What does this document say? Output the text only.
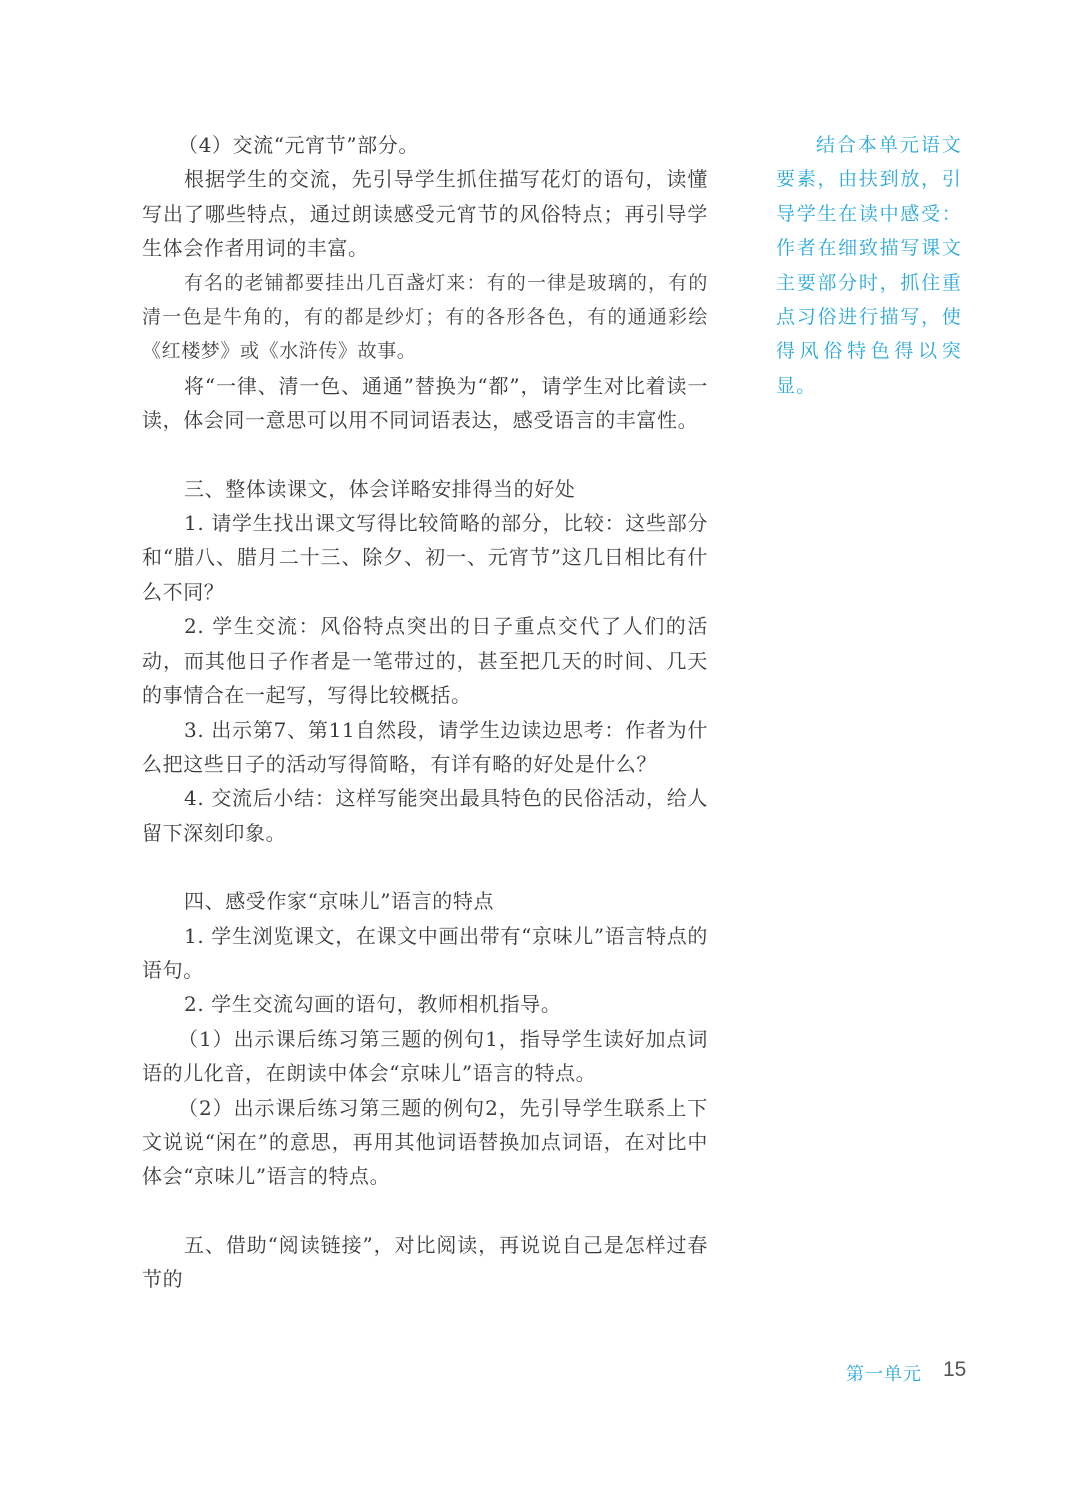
（4）交流“元宵节”部分。

根据学生的交流，先引导学生抓住描写花灯的语句，读懂写出了哪些特点，通过朗读感受元宵节的风俗特点；再引导学生体会作者用词的丰富。

有名的老铺都要挂出几百盏灯来：有的一律是玻璃的，有的清一色是牛角的，有的都是纱灯；有的各形各色，有的通通彩绘《红楼梦》或《水浒传》故事。

将“一律、清一色、通通”替换为“都”，请学生对比着读一读，体会同一意思可以用不同词语表达，感受语言的丰富性。

三、整体读课文，体会详略安排得当的好处

1. 请学生找出课文写得比较简略的部分，比较：这些部分和“腊八、腊月二十三、除夕、初一、元宵节”这几日相比有什么不同？

2. 学生交流：风俗特点突出的日子重点交代了人们的活动，而其他日子作者是一笔带过的，甚至把几天的时间、几天的事情合在一起写，写得比较概括。

3. 出示第7、第11自然段，请学生边读边思考：作者为什么把这些日子的活动写得简略，有详有略的好处是什么？

4. 交流后小结：这样写能突出最具特色的民俗活动，给人留下深刻印象。

四、感受作家“京味儿”语言的特点

1. 学生浏览课文，在课文中画出带有“京味儿”语言特点的语句。

2. 学生交流勾画的语句，教师相机指导。

（1）出示课后练习第三题的例句1，指导学生读好加点词语的儿化音，在朗读中体会“京味儿”语言的特点。

（2）出示课后练习第三题的例句2，先引导学生联系上下文说说“闲在”的意思，再用其他词语替换加点词语，在对比中体会“京味儿”语言的特点。

五、借助“阅读链接”，对比阅读，再说说自己是怎样过春节的

结合本单元语文要素，由扶到放，引导学生在读中感受：作者在细致描写课文主要部分时，抓住重点习俗进行描写，使得风俗特色得以突显。

第一单元 15
